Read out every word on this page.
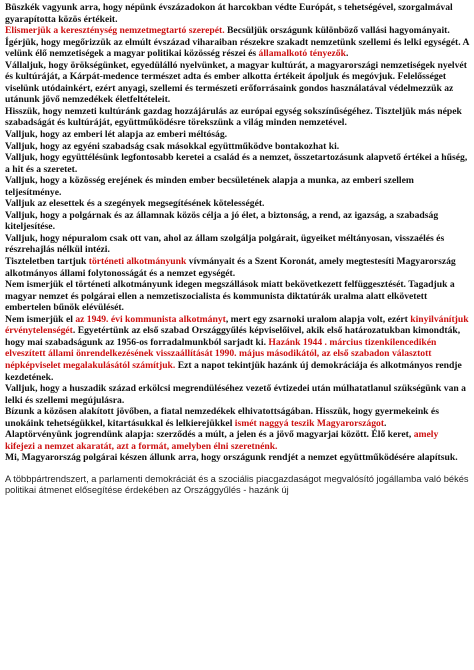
Büszkék vagyunk arra, hogy népünk évszázadokon át harcokban védte Európát, s tehetségével, szorgalmával gyarapította közös értékeit.

Elismerjük a kereszténység nemzetmegtartó szerepét. Becsüljük országunk különböző vallási hagyományait.

Ígérjük, hogy megőrizzük az elmúlt évszázad viharaiban részekre szakadt nemzetünk szellemi és lelki egységét. A velünk élő nemzetiségek a magyar politikai közösség részei és államalkotó tényezők.

Vállaljuk, hogy örökségünket, egyedülálló nyelvünket, a magyar kultúrát, a magyarországi nemzetiségek nyelvét és kultúráját, a Kárpát-medence természet adta és ember alkotta értékeit ápoljuk és megóvjuk. Felelősséget viselünk utódainkért, ezért anyagi, szellemi és természeti erőforrásaink gondos használatával védelmezzük az utánunk jövő nemzedékek életfeltételeit.

Hisszük, hogy nemzeti kultúránk gazdag hozzájárulás az európai egység sokszínűségéhez. Tiszteljük más népek szabadságát és kultúráját, együttműködésre törekszünk a világ minden nemzetével.

Valljuk, hogy az emberi lét alapja az emberi méltóság.

Valljuk, hogy az egyéni szabadság csak másokkal együttműködve bontakozhat ki.

Valljuk, hogy együttélésünk legfontosabb keretei a család és a nemzet, összetartozásunk alapvető értékei a hűség, a hit és a szeretet.

Valljuk, hogy a közösség erejének és minden ember becsületének alapja a munka, az emberi szellem teljesítménye.

Valljuk az elesettek és a szegények megsegítésének kötelességét.

Valljuk, hogy a polgárnak és az államnak közös célja a jó élet, a biztonság, a rend, az igazság, a szabadság kiteljesítése.

Valljuk, hogy népuralom csak ott van, ahol az állam szolgálja polgárait, ügyeiket méltányosan, visszaélés és részrehajlás nélkül intézi.

Tiszteletben tartjuk történeti alkotmányunk vívmányait és a Szent Koronát, amely megtestesíti Magyarország alkotmányos állami folytonosságát és a nemzet egységét.

Nem ismerjük el történeti alkotmányunk idegen megszállások miatt bekövetkezett felfüggesztését. Tagadjuk a magyar nemzet és polgárai ellen a nemzetiszocialista és kommunista diktatúrák uralma alatt elkövetett embertelen bűnök elévülését.

Nem ismerjük el az 1949. évi kommunista alkotmányt, mert egy zsarnoki uralom alapja volt, ezért kinyilvánítjuk érvénytelenségét. Egyetértünk az első szabad Országgyűlés képviselőivel, akik első határozatukban kimondták, hogy mai szabadságunk az 1956-os forradalmunkból sarjadt ki. Hazánk 1944 . március tizenkilencedikén elveszített állami önrendelkezésének visszaállítását 1990. május másodikától, az első szabadon választott népképviselet megalakulásától számítjuk. Ezt a napot tekintjük hazánk új demokráciája és alkotmányos rendje kezdetének.

Valljuk, hogy a huszadik század erkölcsi megrendüléséhez vezető évtizedei után múlhatatlanul szükségünk van a lelki és szellemi megújulásra.

Bízunk a közösen alakított jövőben, a fiatal nemzedékek elhivatottságában. Hisszük, hogy gyermekeink és unokáink tehetségükkel, kitartásukkal és lelkierejükkel ismét naggyá teszik Magyarországot.

Alaptörvényünk jogrendünk alapja: szerződés a múlt, a jelen és a jövő magyarjai között. Élő keret, amely kifejezi a nemzet akaratát, azt a formát, amelyben élni szeretnénk.

Mi, Magyarország polgárai készen állunk arra, hogy országunk rendjét a nemzet együttműködésére alapítsuk.

A többpártrendszert, a parlamenti demokráciát és a szociális piacgazdaságot megvalósító jogállamba való békés politikai átmenet elősegítése érdekében az Országgyűlés - hazánk új
